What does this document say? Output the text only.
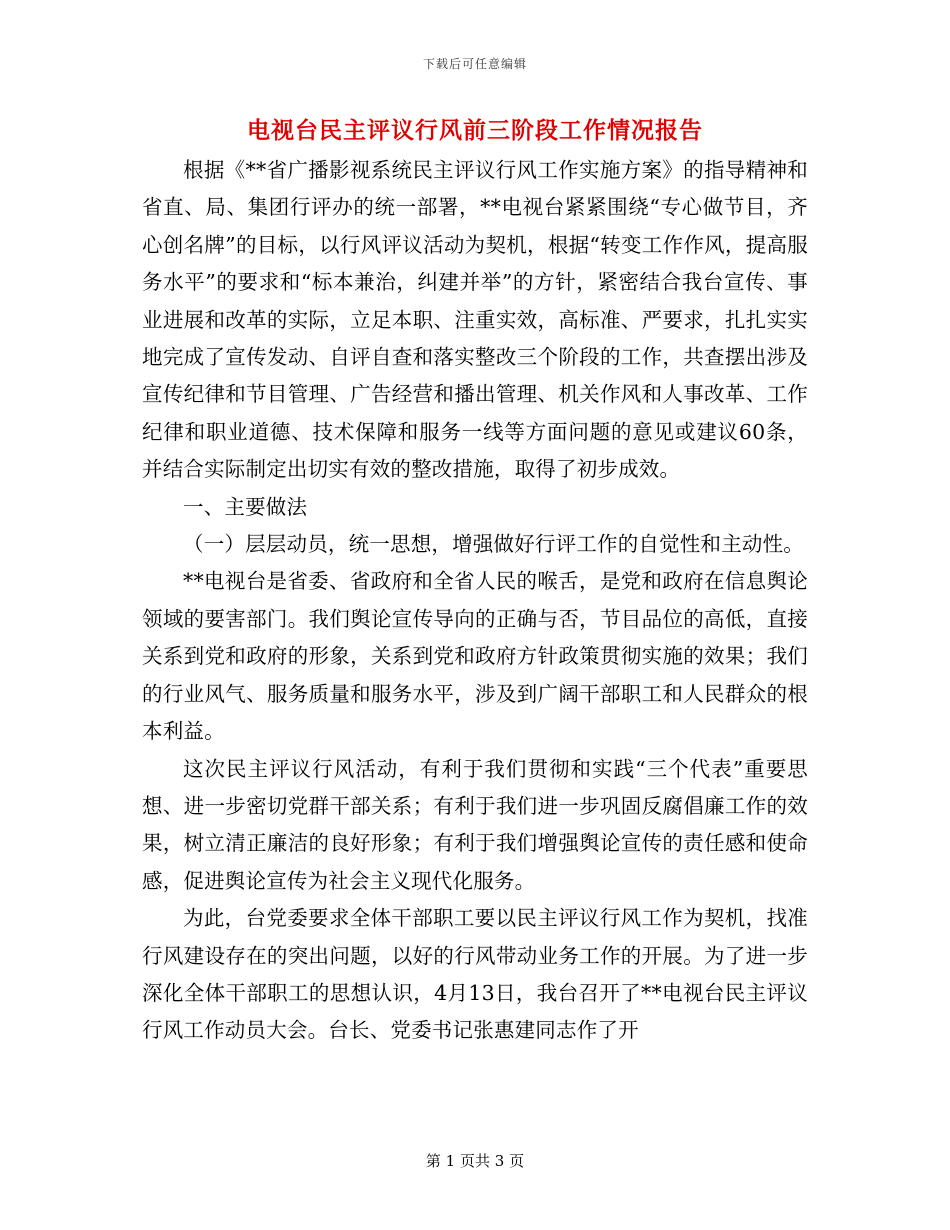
下载后可任意编辑
电视台民主评议行风前三阶段工作情况报告

根据《**省广播影视系统民主评议行风工作实施方案》的指导精神和省直、局、集团行评办的统一部署，**电视台紧紧围绕“专心做节目，齐心创名牌”的目标，以行风评议活动为契机，根据“转变工作作风，提高服务水平”的要求和“标本兼治，纠建并举”的方针，紧密结合我台宣传、事业进展和改革的实际，立足本职、注重实效，高标准、严要求，扎扎实实地完成了宣传发动、自评自查和落实整改三个阶段的工作，共查摆出涉及宣传纪律和节目管理、广告经营和播出管理、机关作风和人事改革、工作纪律和职业道德、技术保障和服务一线等方面问题的意见或建议60条，并结合实际制定出切实有效的整改措施，取得了初步成效。

一、主要做法

（一）层层动员，统一思想，增强做好行评工作的自觉性和主动性。

**电视台是省委、省政府和全省人民的喉舌，是党和政府在信息舆论领域的要害部门。我们舆论宣传导向的正确与否，节目品位的高低，直接关系到党和政府的形象，关系到党和政府方针政策贯彻实施的效果；我们的行业风气、服务质量和服务水平，涉及到广阔干部职工和人民群众的根本利益。

这次民主评议行风活动，有利于我们贯彻和实践“三个代表”重要思想、进一步密切党群干部关系；有利于我们进一步巩固反腐倡廉工作的效果，树立清正廉洁的良好形象；有利于我们增强舆论宣传的责任感和使命感，促进舆论宣传为社会主义现代化服务。

为此，台党委要求全体干部职工要以民主评议行风工作为契机，找准行风建设存在的突出问题，以好的行风带动业务工作的开展。为了进一步深化全体干部职工的思想认识，4月13日，我台召开了**电视台民主评议行风工作动员大会。台长、党委书记张惠建同志作了开

第 1 页共 3 页
